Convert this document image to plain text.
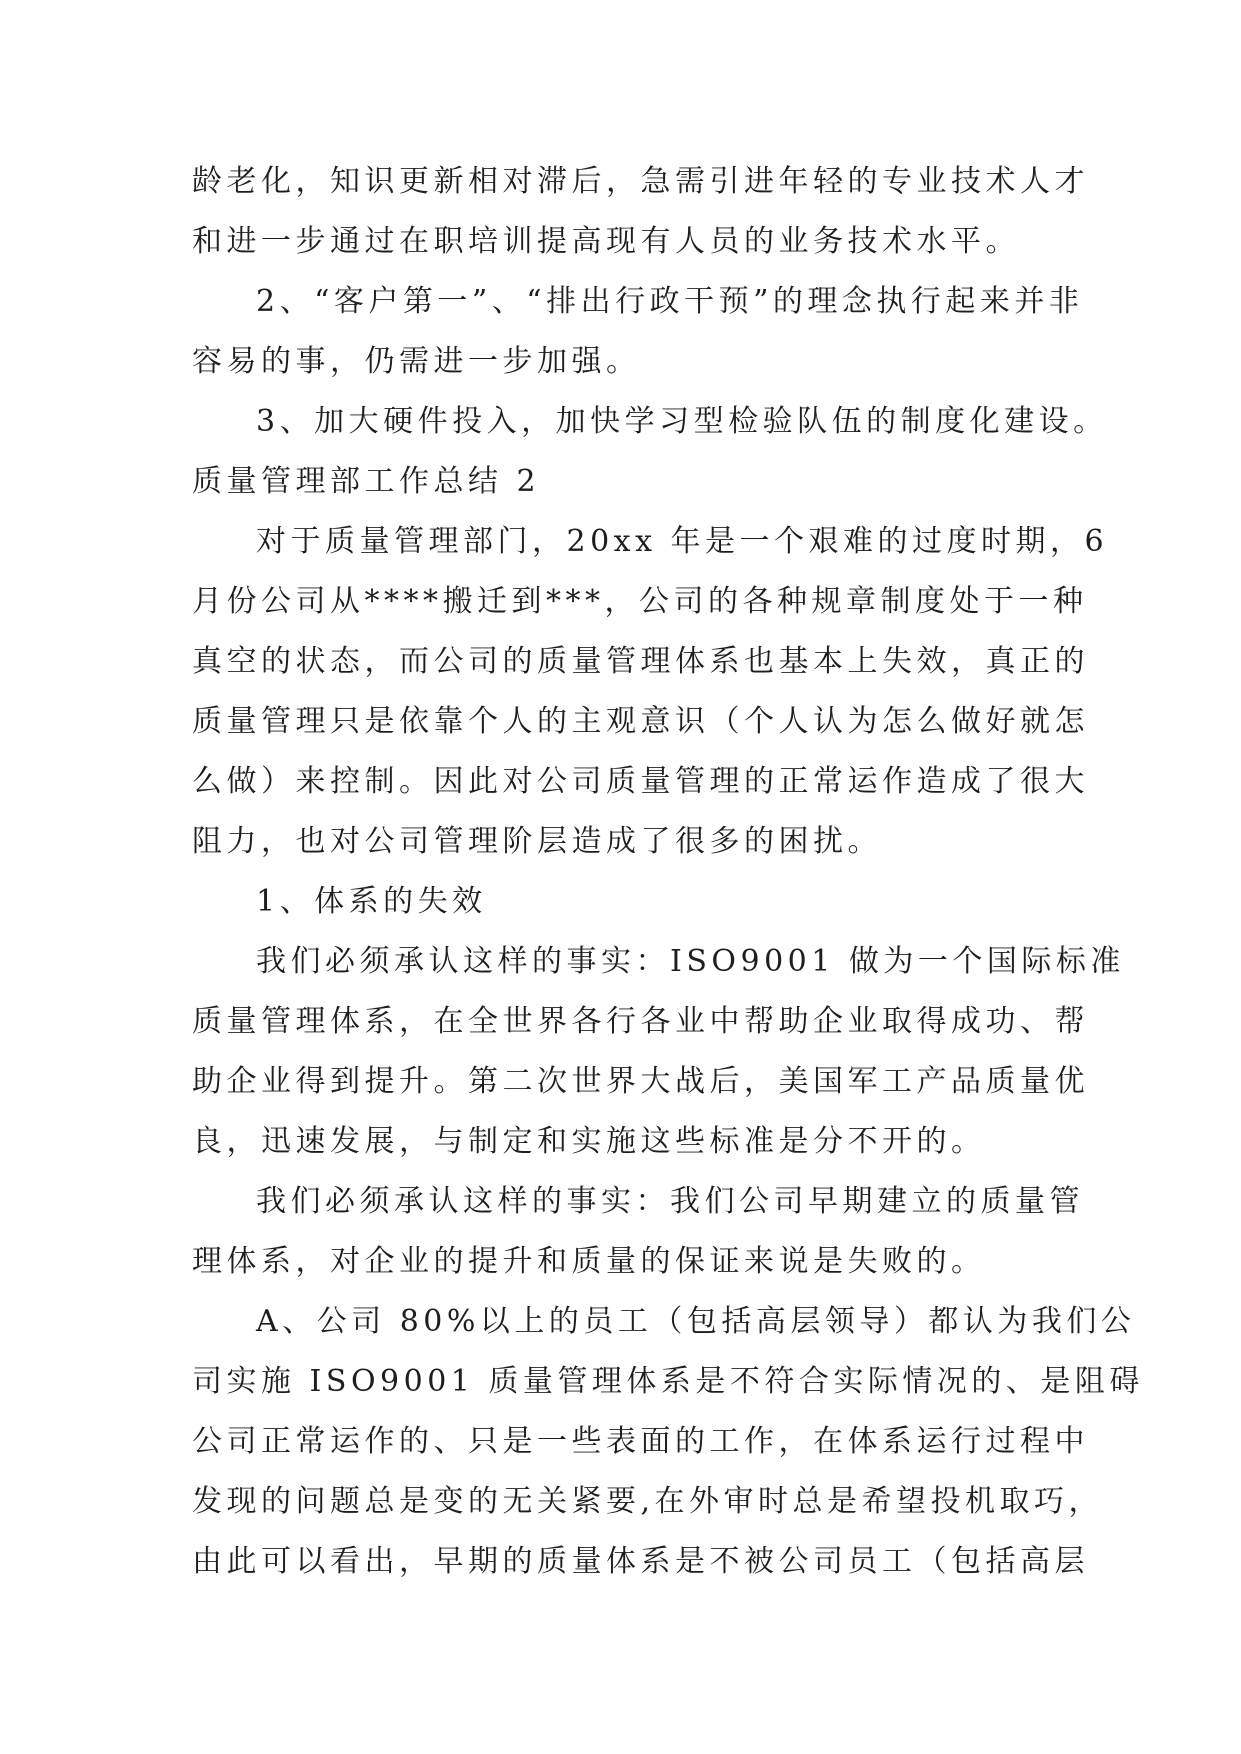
龄老化，知识更新相对滞后，急需引进年轻的专业技术人才
和进一步通过在职培训提高现有人员的业务技术水平。
2、“客户第一”、“排出行政干预”的理念执行起来并非
容易的事，仍需进一步加强。
3、加大硬件投入，加快学习型检验队伍的制度化建设。
质量管理部工作总结 2
对于质量管理部门，20xx 年是一个艰难的过度时期，6
月份公司从****搬迁到***，公司的各种规章制度处于一种
真空的状态，而公司的质量管理体系也基本上失效，真正的
质量管理只是依靠个人的主观意识（个人认为怎么做好就怎
么做）来控制。因此对公司质量管理的正常运作造成了很大
阻力，也对公司管理阶层造成了很多的困扰。
1、体系的失效
我们必须承认这样的事实：ISO9001 做为一个国际标准
质量管理体系，在全世界各行各业中帮助企业取得成功、帮
助企业得到提升。第二次世界大战后，美国军工产品质量优
良，迅速发展，与制定和实施这些标准是分不开的。
我们必须承认这样的事实：我们公司早期建立的质量管
理体系，对企业的提升和质量的保证来说是失败的。
A、公司 80%以上的员工（包括高层领导）都认为我们公
司实施 ISO9001 质量管理体系是不符合实际情况的、是阻碍
公司正常运作的、只是一些表面的工作，在体系运行过程中
发现的问题总是变的无关紧要,在外审时总是希望投机取巧，
由此可以看出，早期的质量体系是不被公司员工（包括高层
